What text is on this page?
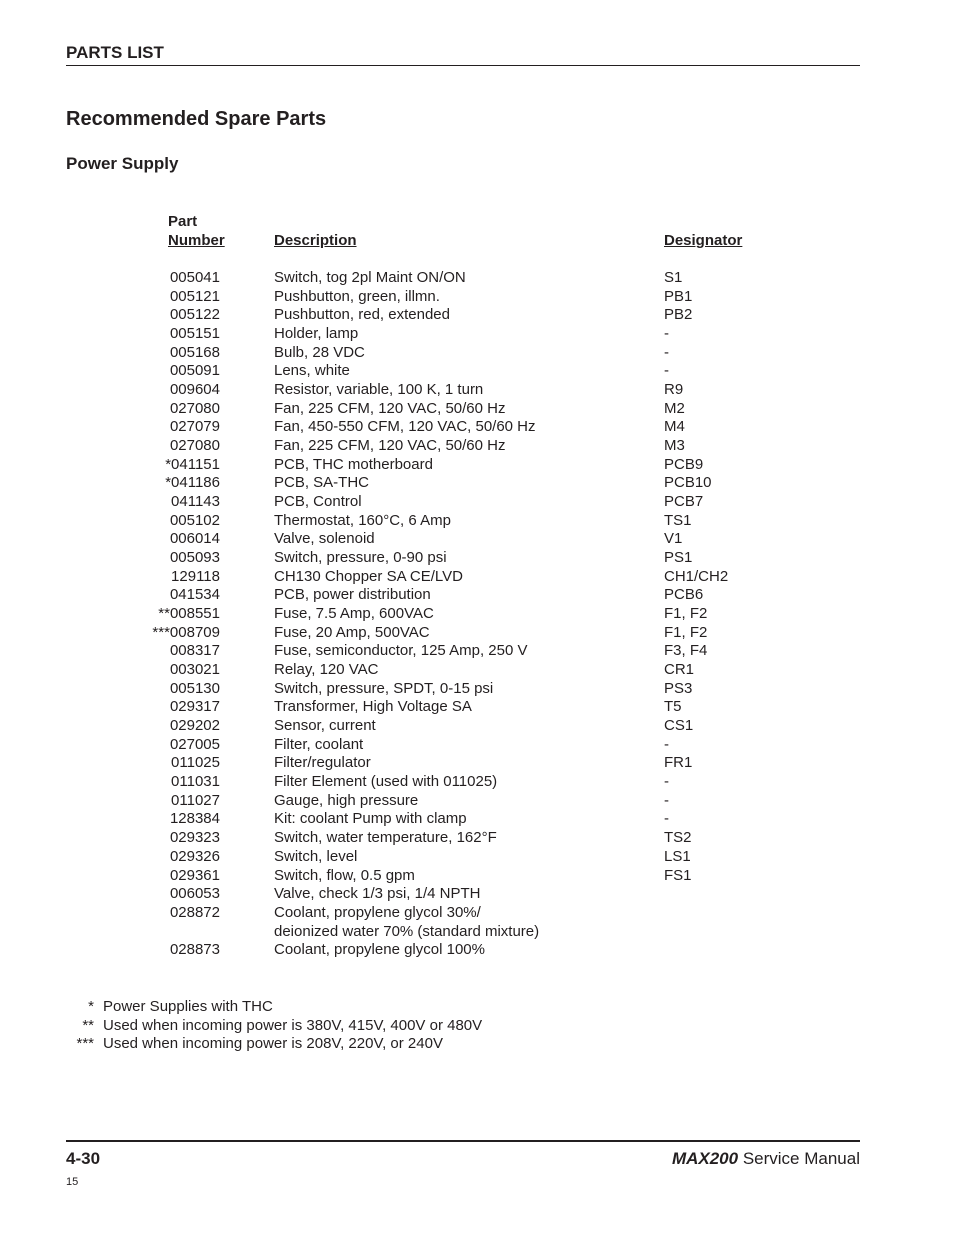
PARTS LIST
Recommended Spare Parts
Power Supply
Part
Number	Description	Designator
005041	Switch, tog 2pl Maint ON/ON	S1
005121	Pushbutton, green, illmn.	PB1
005122	Pushbutton, red, extended	PB2
005151	Holder, lamp	-
005168	Bulb, 28 VDC	-
005091	Lens, white	-
009604	Resistor, variable, 100 K, 1 turn	R9
027080	Fan, 225 CFM, 120 VAC, 50/60 Hz	M2
027079	Fan, 450-550 CFM, 120 VAC, 50/60 Hz	M4
027080	Fan, 225 CFM, 120 VAC, 50/60 Hz	M3
*041151	PCB, THC motherboard	PCB9
*041186	PCB, SA-THC	PCB10
041143	PCB, Control	PCB7
005102	Thermostat, 160°C, 6 Amp	TS1
006014	Valve, solenoid	V1
005093	Switch, pressure, 0-90 psi	PS1
129118	CH130 Chopper SA CE/LVD	CH1/CH2
041534	PCB, power distribution	PCB6
**008551	Fuse, 7.5 Amp, 600VAC	F1, F2
***008709	Fuse, 20 Amp, 500VAC	F1, F2
008317	Fuse, semiconductor, 125 Amp, 250 V	F3, F4
003021	Relay, 120 VAC	CR1
005130	Switch, pressure, SPDT, 0-15 psi	PS3
029317	Transformer, High Voltage SA	T5
029202	Sensor, current	CS1
027005	Filter, coolant	-
011025	Filter/regulator	FR1
011031	Filter Element (used with 011025)	-
011027	Gauge, high pressure	-
128384	Kit: coolant Pump with clamp	-
029323	Switch, water temperature, 162°F	TS2
029326	Switch, level	LS1
029361	Switch, flow, 0.5 gpm	FS1
006053	Valve, check 1/3 psi, 1/4 NPTH
028872	Coolant, propylene glycol 30%/
deionized water 70% (standard mixture)
028873	Coolant, propylene glycol 100%
* Power Supplies with THC
** Used when incoming power is 380V, 415V, 400V or 480V
*** Used when incoming power is 208V, 220V, or 240V
4-30	MAX200 Service Manual
15
